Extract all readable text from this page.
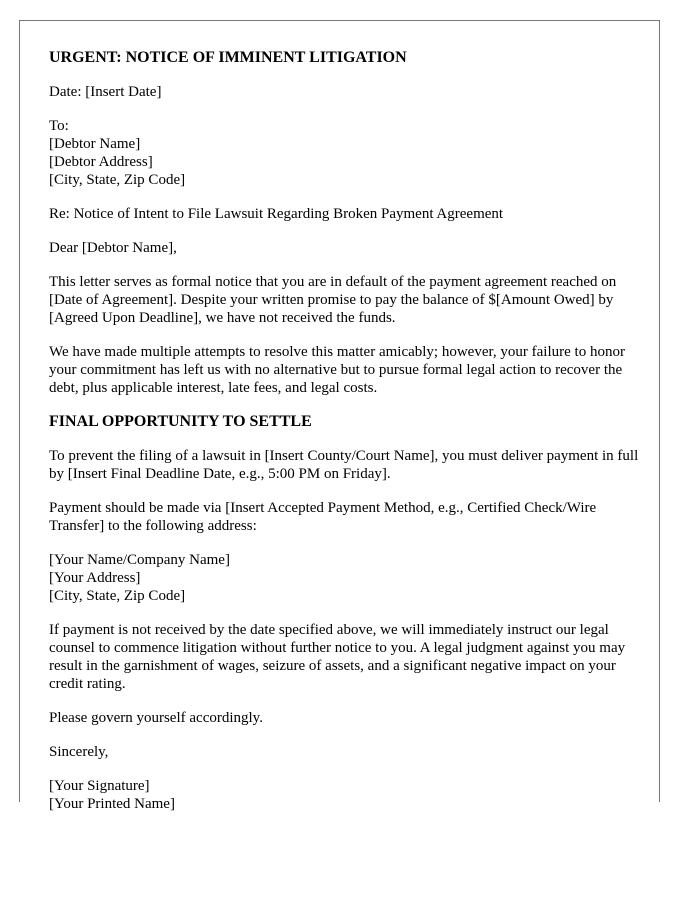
URGENT: NOTICE OF IMMINENT LITIGATION
Date: [Insert Date]
To:
[Debtor Name]
[Debtor Address]
[City, State, Zip Code]
Re: Notice of Intent to File Lawsuit Regarding Broken Payment Agreement
Dear [Debtor Name],
This letter serves as formal notice that you are in default of the payment agreement reached on [Date of Agreement]. Despite your written promise to pay the balance of $[Amount Owed] by [Agreed Upon Deadline], we have not received the funds.
We have made multiple attempts to resolve this matter amicably; however, your failure to honor your commitment has left us with no alternative but to pursue formal legal action to recover the debt, plus applicable interest, late fees, and legal costs.
FINAL OPPORTUNITY TO SETTLE
To prevent the filing of a lawsuit in [Insert County/Court Name], you must deliver payment in full by [Insert Final Deadline Date, e.g., 5:00 PM on Friday].
Payment should be made via [Insert Accepted Payment Method, e.g., Certified Check/Wire Transfer] to the following address:
[Your Name/Company Name]
[Your Address]
[City, State, Zip Code]
If payment is not received by the date specified above, we will immediately instruct our legal counsel to commence litigation without further notice to you. A legal judgment against you may result in the garnishment of wages, seizure of assets, and a significant negative impact on your credit rating.
Please govern yourself accordingly.
Sincerely,
[Your Signature]
[Your Printed Name]
